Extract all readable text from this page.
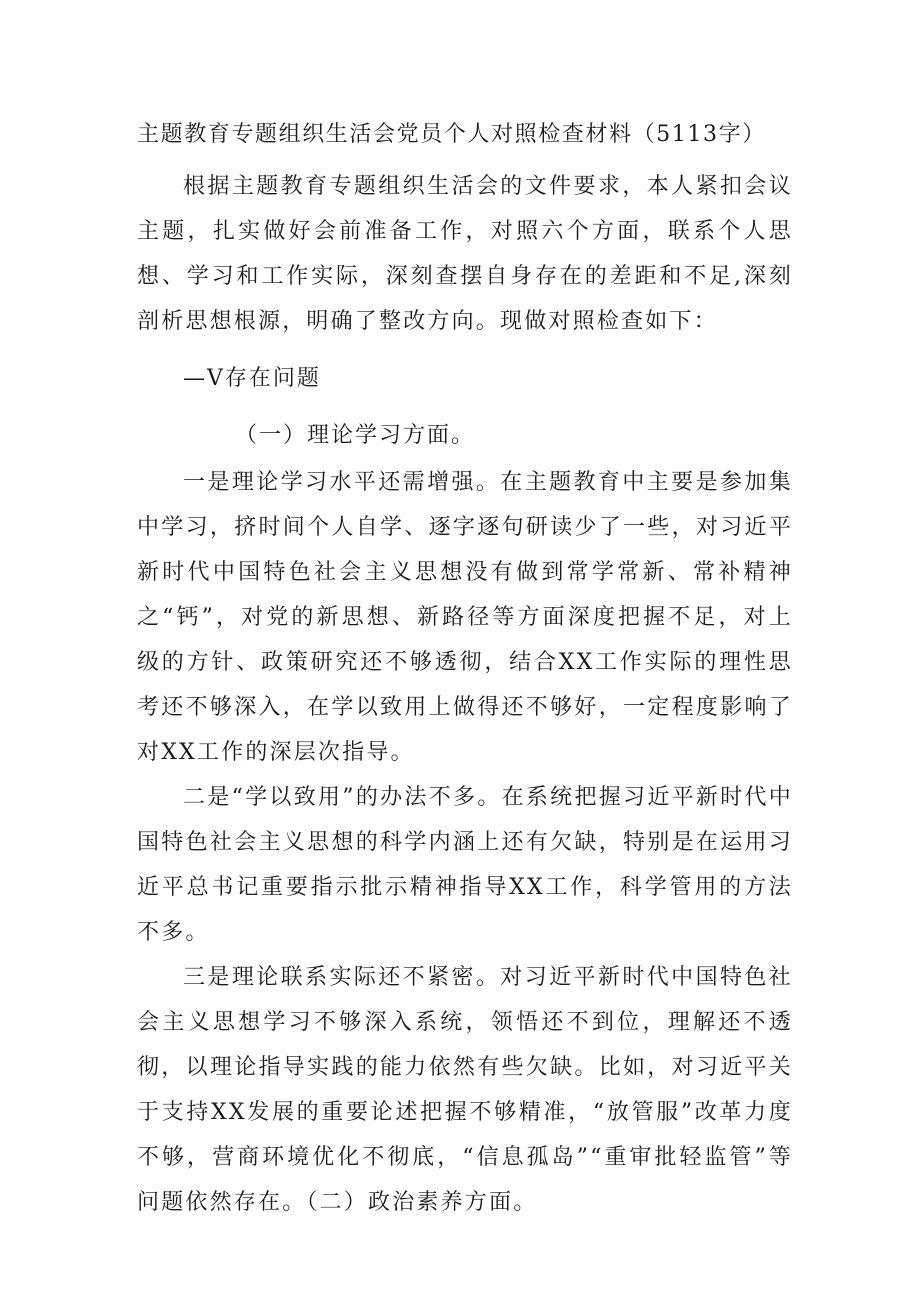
主题教育专题组织生活会党员个人对照检查材料（5113字）

根据主题教育专题组织生活会的文件要求，本人紧扣会议主题，扎实做好会前准备工作，对照六个方面，联系个人思想、学习和工作实际，深刻查摆自身存在的差距和不足,深刻剖析思想根源，明确了整改方向。现做对照检查如下：

—V存在问题

（一）理论学习方面。

一是理论学习水平还需增强。在主题教育中主要是参加集中学习，挤时间个人自学、逐字逐句研读少了一些，对习近平新时代中国特色社会主义思想没有做到常学常新、常补精神之“钙”，对党的新思想、新路径等方面深度把握不足，对上级的方针、政策研究还不够透彻，结合XX工作实际的理性思考还不够深入，在学以致用上做得还不够好，一定程度影响了对XX工作的深层次指导。

二是“学以致用”的办法不多。在系统把握习近平新时代中国特色社会主义思想的科学内涵上还有欠缺，特别是在运用习近平总书记重要指示批示精神指导XX工作，科学管用的方法不多。

三是理论联系实际还不紧密。对习近平新时代中国特色社会主义思想学习不够深入系统，领悟还不到位，理解还不透彻，以理论指导实践的能力依然有些欠缺。比如，对习近平关于支持XX发展的重要论述把握不够精准，“放管服”改革力度不够，营商环境优化不彻底，“信息孤岛”“重审批轻监管”等问题依然存在。（二）政治素养方面。
